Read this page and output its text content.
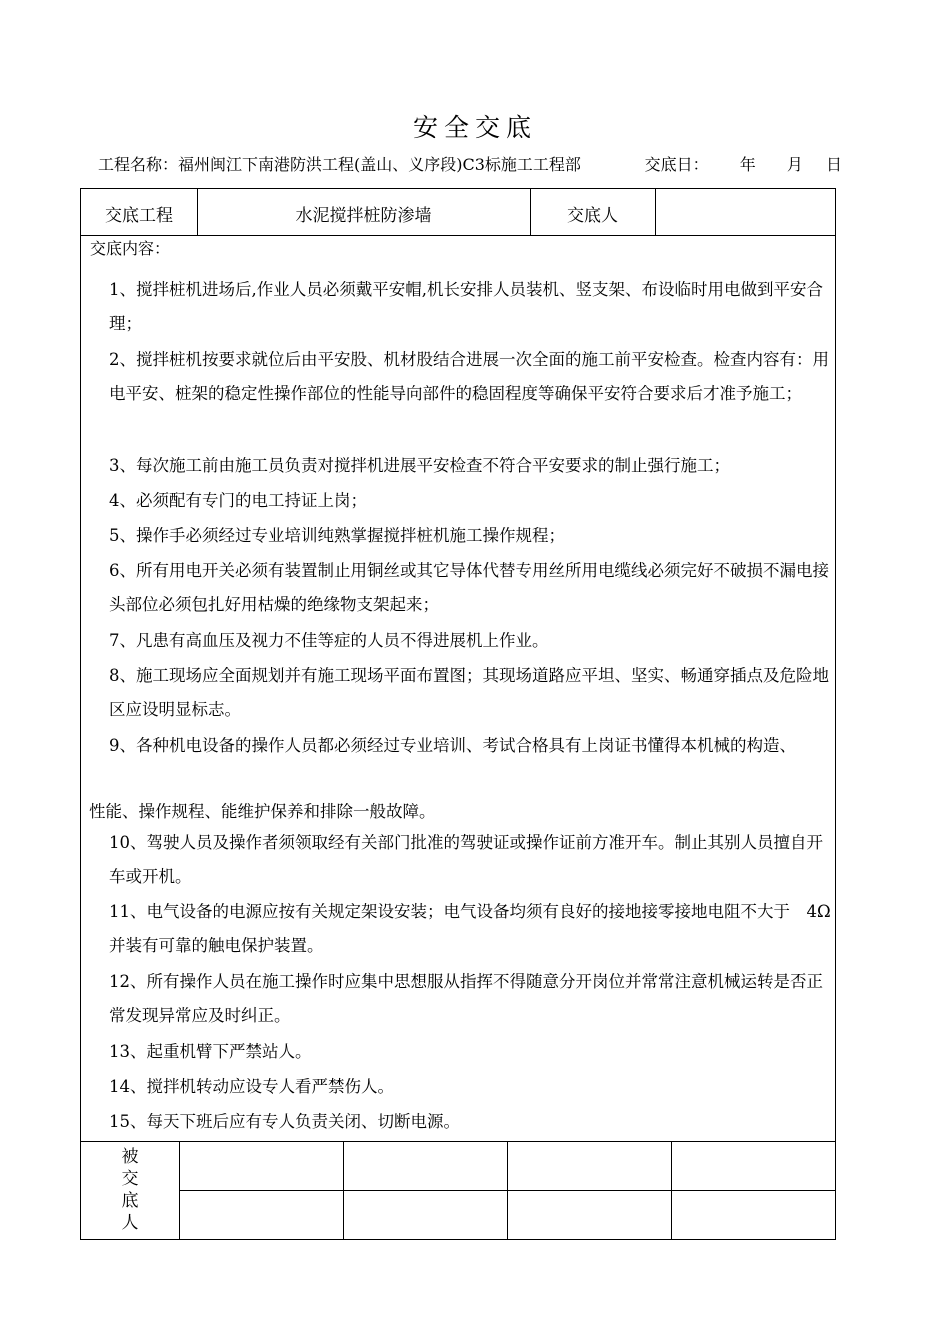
安全交底
工程名称：福州闽江下南港防洪工程(盖山、义序段)C3标施工工程部	交底日： 年 月 日
交底工程	水泥搅拌桩防渗墙	交底人
交底内容：
1、搅拌桩机进场后,作业人员必须戴平安帽,机长安排人员装机、竖支架、布设临时用电做到平安合理；
2、搅拌桩机按要求就位后由平安股、机材股结合进展一次全面的施工前平安检查。检查内容有：用电平安、桩架的稳定性操作部位的性能导向部件的稳固程度等确保平安符合要求后才准予施工；
3、每次施工前由施工员负责对搅拌机进展平安检查不符合平安要求的制止强行施工；
4、必须配有专门的电工持证上岗；
5、操作手必须经过专业培训纯熟掌握搅拌桩机施工操作规程；
6、所有用电开关必须有装置制止用铜丝或其它导体代替专用丝所用电缆线必须完好不破损不漏电接头部位必须包扎好用枯燥的绝缘物支架起来；
7、凡患有高血压及视力不佳等症的人员不得进展机上作业。
8、施工现场应全面规划并有施工现场平面布置图；其现场道路应平坦、坚实、畅通穿插点及危险地区应设明显标志。
9、各种机电设备的操作人员都必须经过专业培训、考试合格具有上岗证书懂得本机械的构造、
性能、操作规程、能维护保养和排除一般故障。
10、驾驶人员及操作者须领取经有关部门批准的驾驶证或操作证前方准开车。制止其别人员擅自开车或开机。
11、电气设备的电源应按有关规定架设安装；电气设备均须有良好的接地接零接地电阻不大于　4Ω 并装有可靠的触电保护装置。
12、所有操作人员在施工操作时应集中思想服从指挥不得随意分开岗位并常常注意机械运转是否正常发现异常应及时纠正。
13、起重机臂下严禁站人。
14、搅拌机转动应设专人看严禁伤人。
15、每天下班后应有专人负责关闭、切断电源。
被交底人
